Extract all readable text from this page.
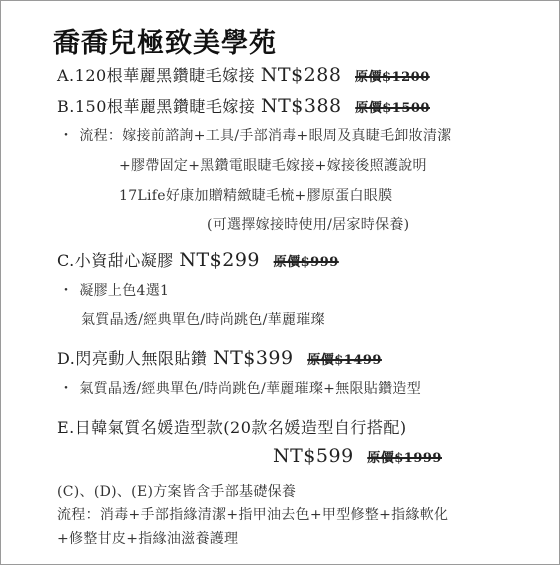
喬喬兒極致美學苑
A.120根華麗黑鑽睫毛嫁接 NT$288 原價$1200
B.150根華麗黑鑽睫毛嫁接 NT$388 原價$1500
・ 流程：嫁接前諮詢+工具/手部消毒+眼周及真睫毛卸妝清潔
+膠帶固定+黑鑽電眼睫毛嫁接+嫁接後照護說明
17Life好康加贈精緻睫毛梳+膠原蛋白眼膜
(可選擇嫁接時使用/居家時保養)
C.小資甜心凝膠 NT$299 原價$999
・ 凝膠上色4選1
氣質晶透/經典單色/時尚跳色/華麗璀璨
D.閃亮動人無限貼鑽 NT$399 原價$1499
・ 氣質晶透/經典單色/時尚跳色/華麗璀璨+無限貼鑽造型
E.日韓氣質名媛造型款(20款名媛造型自行搭配)
NT$599 原價$1999
(C)、(D)、(E)方案皆含手部基礎保養
流程：消毒+手部指緣清潔+指甲油去色+甲型修整+指緣軟化
+修整甘皮+指緣油滋養護理
